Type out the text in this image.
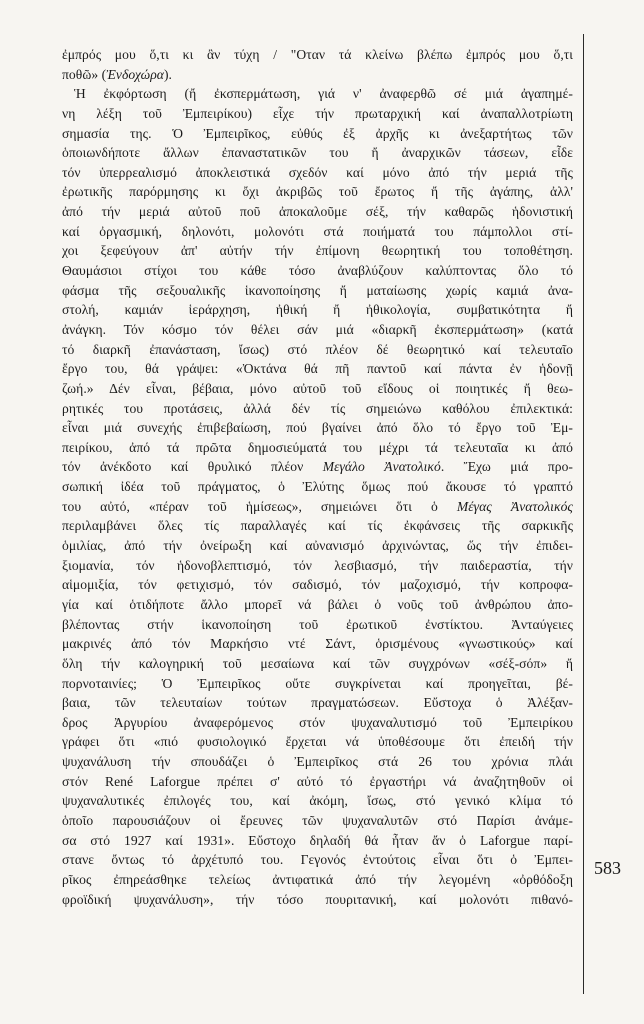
ἐμπρός μου ὅ,τι κι ἂν τύχη / "Οταν τά κλείνω βλέπω ἐμπρός μου ὅ,τι
ποθῶ» (Ἐνδοχώρα).
Ἡ ἐκφόρτωση (ἤ ἐκσπερμάτωση, γιά ν' ἀναφερθῶ σέ μιά ἀγαπημέ-
νη λέξη τοῦ Ἐμπειρίκου) εἶχε τήν πρωταρχική καί ἀναπαλλοτρίωτη
σημασία της. Ὁ Ἐμπειρῖκος, εὐθύς ἐξ ἀρχῆς κι ἀνεξαρτήτως τῶν
ὁποιωνδήποτε ἄλλων ἐπαναστατικῶν του ἤ ἀναρχικῶν τάσεων, εἶδε
τόν ὑπερρεαλισμό ἀποκλειστικά σχεδόν καί μόνο ἀπό τήν μεριά τῆς
ἐρωτικῆς παρόρμησης κι ὄχι ἀκριβῶς τοῦ ἔρωτος ἤ τῆς ἀγάπης, ἀλλ'
ἀπό τήν μεριά αὐτοῦ ποῦ ἀποκαλοῦμε σέξ, τήν καθαρῶς ἡδονιστική
καί ὀργασμική, δηλονότι, μολονότι στά ποιήματά του πάμπολλοι στί-
χοι ξεφεύγουν ἀπ' αὐτήν τήν ἐπίμονη θεωρητική του τοποθέτηση.
Θαυμάσιοι στίχοι του κάθε τόσο ἀναβλύζουν καλύπτοντας ὅλο τό
φάσμα τῆς σεξουαλικῆς ἱκανοποίησης ἤ ματαίωσης χωρίς καμιά ἀνα-
στολή, καμιάν ἱεράρχηση, ἠθική ἤ ἠθικολογία, συμβατικότητα ἤ
ἀνάγκη. Τόν κόσμο τόν θέλει σάν μιά «διαρκῆ ἐκσπερμάτωση» (κατά
τό διαρκῆ ἐπανάσταση, ἴσως) στό πλέον δέ θεωρητικό καί τελευταῖο
ἔργο του, θά γράψει: «Ὀκτάνα θά πῆ παντοῦ καί πάντα ἐν ἡδονῇ
ζωή.» Δέν εἶναι, βέβαια, μόνο αὐτοῦ τοῦ εἴδους οἱ ποιητικές ἤ θεω-
ρητικές του προτάσεις, ἀλλά δέν τίς σημειώνω καθόλου ἐπιλεκτικά:
εἶναι μιά συνεχής ἐπιβεβαίωση, πού βγαίνει ἀπό ὅλο τό ἔργο τοῦ Ἐμ-
πειρίκου, ἀπό τά πρῶτα δημοσιεύματά του μέχρι τά τελευταῖα κι ἀπό
τόν ἀνέκδοτο καί θρυλικό πλέον Μεγάλο Ἀνατολικό. Ἔχω μιά προ-
σωπική ἰδέα τοῦ πράγματος, ὁ Ἐλύτης ὅμως πού ἄκουσε τό γραπτό
του αὐτό, «πέραν τοῦ ἡμίσεως», σημειώνει ὅτι ὁ Μέγας Ἀνατολικός
περιλαμβάνει ὅλες τίς παραλλαγές καί τίς ἐκφάνσεις τῆς σαρκικῆς
ὁμιλίας, ἀπό τήν ὀνείρωξη καί αὐνανισμό ἀρχινώντας, ὥς τήν ἐπιδει-
ξιομανία, τόν ἡδονοβλεπτισμό, τόν λεσβιασμό, τήν παιδεραστία, τήν
αἱμομιξία, τόν φετιχισμό, τόν σαδισμό, τόν μαζοχισμό, τήν κοπροφα-
γία καί ὁτιδήποτε ἄλλο μπορεῖ νά βάλει ὁ νοῦς τοῦ ἀνθρώπου ἀπο-
βλέποντας στήν ἱκανοποίηση τοῦ ἐρωτικοῦ ἐνστίκτου. Ἀνταύγειες
μακρινές ἀπό τόν Μαρκήσιο ντέ Σάντ, ὁρισμένους «γνωστικούς» καί
ὅλη τήν καλογηρική τοῦ μεσαίωνα καί τῶν συγχρόνων «σέξ-σόπ» ἤ
πορνοταινίες; Ὁ Ἐμπειρῖκος οὔτε συγκρίνεται καί προηγεῖται, βέ-
βαια, τῶν τελευταίων τούτων πραγματώσεων. Εὔστοχα ὁ Ἀλέξαν-
δρος Ἀργυρίου ἀναφερόμενος στόν ψυχαναλυτισμό τοῦ Ἐμπειρίκου
γράφει ὅτι «πιό φυσιολογικό ἔρχεται νά ὑποθέσουμε ὅτι ἐπειδή τήν
ψυχανάλυση τήν σπουδάζει ὁ Ἐμπειρῖκος στά 26 του χρόνια πλάι
στόν René Laforgue πρέπει σ' αὐτό τό ἐργαστήρι νά ἀναζητηθοῦν οἱ
ψυχαναλυτικές ἐπιλογές του, καί ἀκόμη, ἴσως, στό γενικό κλίμα τό
ὁποῖο παρουσιάζουν οἱ ἔρευνες τῶν ψυχαναλυτῶν στό Παρίσι ἀνάμε-
σα στό 1927 καί 1931». Εὔστοχο δηλαδή θά ἦταν ἄν ὁ Laforgue παρί-
στανε ὄντως τό ἀρχέτυπό του. Γεγονός ἐντούτοις εἶναι ὅτι ὁ Ἐμπει-
ρῖκος ἐπηρεάσθηκε τελείως ἀντιφατικά ἀπό τήν λεγομένη «ὀρθόδοξη
φροϊδική ψυχανάλυση», τήν τόσο πουριτανική, καί μολονότι πιθανό-
583
